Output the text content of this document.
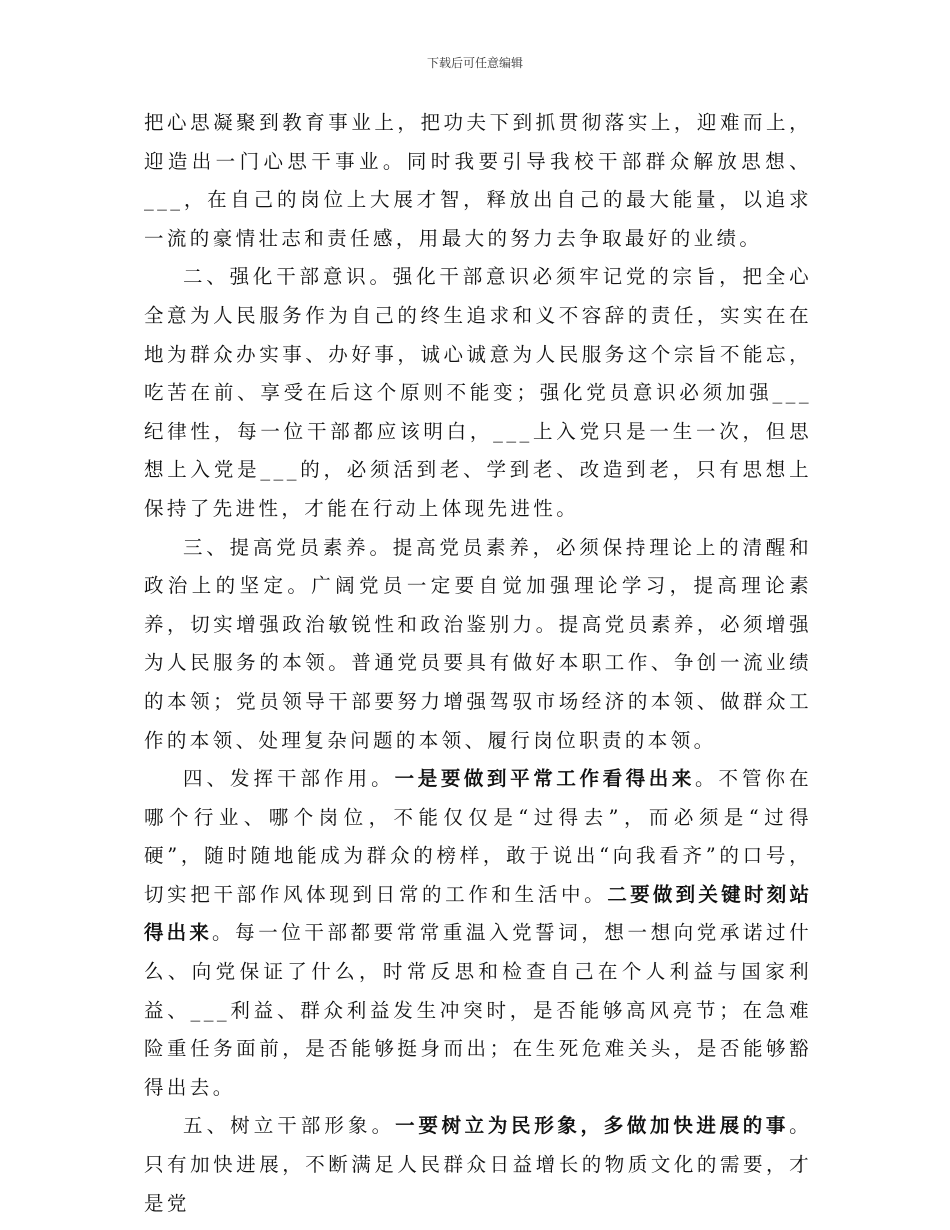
下载后可任意编辑

把心思凝聚到教育事业上，把功夫下到抓贯彻落实上，迎难而上，迎造出一门心思干事业。同时我要引导我校干部群众解放思想、___，在自己的岗位上大展才智，释放出自己的最大能量，以追求一流的豪情壮志和责任感，用最大的努力去争取最好的业绩。

二、强化干部意识。强化干部意识必须牢记党的宗旨，把全心全意为人民服务作为自己的终生追求和义不容辞的责任，实实在在地为群众办实事、办好事，诚心诚意为人民服务这个宗旨不能忘，吃苦在前、享受在后这个原则不能变；强化党员意识必须加强___纪律性，每一位干部都应该明白，___上入党只是一生一次，但思想上入党是___的，必须活到老、学到老、改造到老，只有思想上保持了先进性，才能在行动上体现先进性。

三、提高党员素养。提高党员素养，必须保持理论上的清醒和政治上的坚定。广阔党员一定要自觉加强理论学习，提高理论素养，切实增强政治敏锐性和政治鉴别力。提高党员素养，必须增强为人民服务的本领。普通党员要具有做好本职工作、争创一流业绩的本领；党员领导干部要努力增强驾驭市场经济的本领、做群众工作的本领、处理复杂问题的本领、履行岗位职责的本领。

四、发挥干部作用。一是要做到平常工作看得出来。不管你在哪个行业、哪个岗位，不能仅仅是“过得去”，而必须是“过得硬”，随时随地能成为群众的榜样，敢于说出“向我看齐”的口号，切实把干部作风体现到日常的工作和生活中。二要做到关键时刻站得出来。每一位干部都要常常重温入党誓词，想一想向党承诺过什么、向党保证了什么，时常反思和检查自己在个人利益与国家利益、___利益、群众利益发生冲突时，是否能够高风亮节；在急难险重任务面前，是否能够挺身而出；在生死危难关头，是否能够豁得出去。

五、树立干部形象。一要树立为民形象，多做加快进展的事。只有加快进展，不断满足人民群众日益增长的物质文化的需要，才是党
